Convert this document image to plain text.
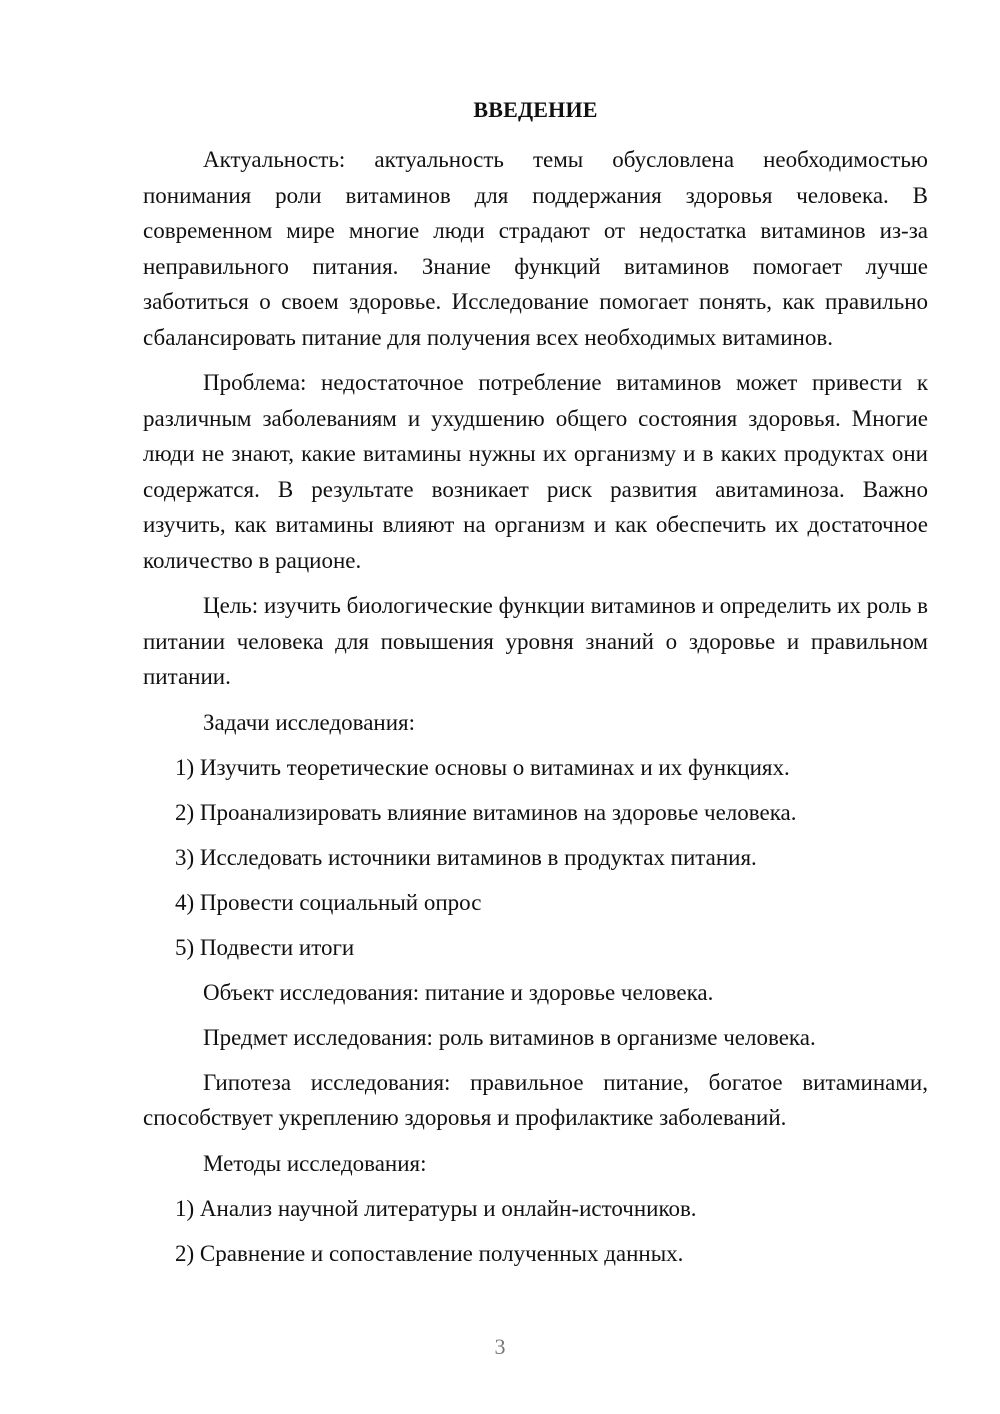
ВВЕДЕНИЕ

Актуальность: актуальность темы обусловлена необходимостью понимания роли витаминов для поддержания здоровья человека. В современном мире многие люди страдают от недостатка витаминов из-за неправильного питания. Знание функций витаминов помогает лучше заботиться о своем здоровье. Исследование помогает понять, как правильно сбалансировать питание для получения всех необходимых витаминов.

Проблема: недостаточное потребление витаминов может привести к различным заболеваниям и ухудшению общего состояния здоровья. Многие люди не знают, какие витамины нужны их организму и в каких продуктах они содержатся. В результате возникает риск развития авитаминоза. Важно изучить, как витамины влияют на организм и как обеспечить их достаточное количество в рационе.

Цель: изучить биологические функции витаминов и определить их роль в питании человека для повышения уровня знаний о здоровье и правильном питании.

Задачи исследования:

1) Изучить теоретические основы о витаминах и их функциях.

2) Проанализировать влияние витаминов на здоровье человека.

3) Исследовать источники витаминов в продуктах питания.

4) Провести социальный опрос

5) Подвести итоги

Объект исследования: питание и здоровье человека.

Предмет исследования: роль витаминов в организме человека.

Гипотеза исследования: правильное питание, богатое витаминами, способствует укреплению здоровья и профилактике заболеваний.

Методы исследования:

1) Анализ научной литературы и онлайн-источников.

2) Сравнение и сопоставление полученных данных.

3
